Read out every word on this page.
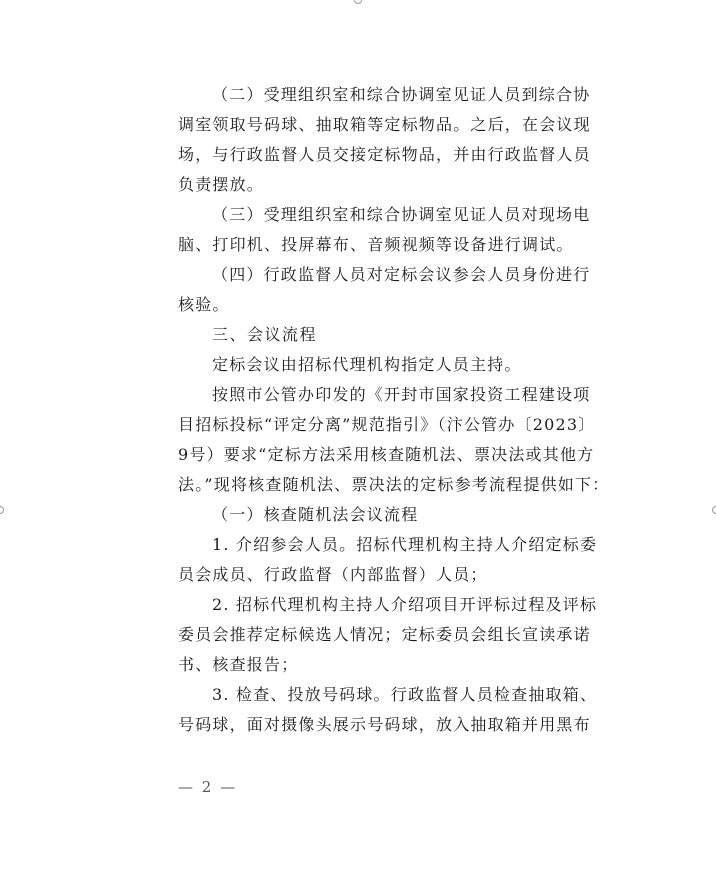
（二）受理组织室和综合协调室见证人员到综合协
调室领取号码球、抽取箱等定标物品。之后，在会议现
场，与行政监督人员交接定标物品，并由行政监督人员
负责摆放。
（三）受理组织室和综合协调室见证人员对现场电
脑、打印机、投屏幕布、音频视频等设备进行调试。
（四）行政监督人员对定标会议参会人员身份进行
核验。
三、会议流程
定标会议由招标代理机构指定人员主持。
按照市公管办印发的《开封市国家投资工程建设项
目招标投标“评定分离”规范指引》（汴公管办〔2023〕
9号）要求“定标方法采用核查随机法、票决法或其他方
法。”现将核查随机法、票决法的定标参考流程提供如下：
（一）核查随机法会议流程
1. 介绍参会人员。招标代理机构主持人介绍定标委
员会成员、行政监督（内部监督）人员；
2. 招标代理机构主持人介绍项目开评标过程及评标
委员会推荐定标候选人情况；定标委员会组长宣读承诺
书、核查报告；
3. 检查、投放号码球。行政监督人员检查抽取箱、
号码球，面对摄像头展示号码球，放入抽取箱并用黑布
— 2 —
